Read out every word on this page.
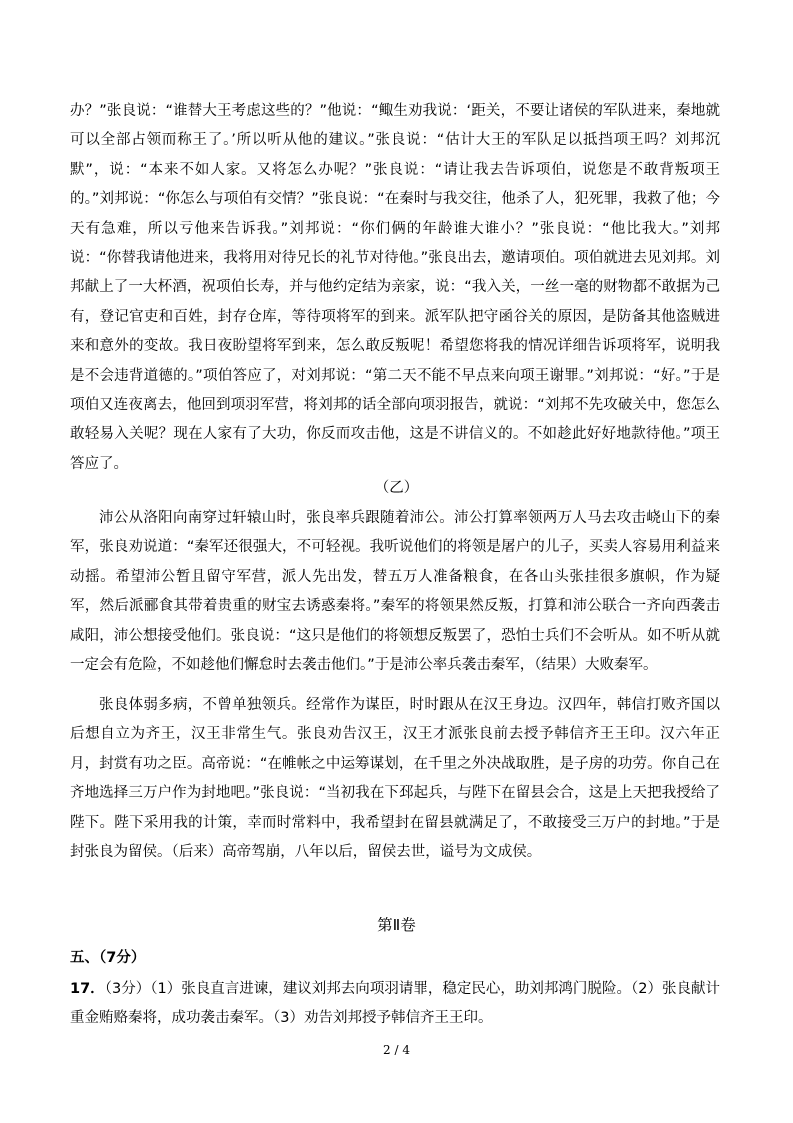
办？”张良说：“谁替大王考虑这些的？”他说：“鲰生劝我说：‘距关，不要让诸侯的军队进来，秦地就可以全部占领而称王了。’所以听从他的建议。”张良说：“估计大王的军队足以抵挡项王吗？刘邦沉默”，说：“本来不如人家。又将怎么办呢？”张良说：“请让我去告诉项伯，说您是不敢背叛项王的。”刘邦说：“你怎么与项伯有交情？”张良说：“在秦时与我交往，他杀了人，犯死罪，我救了他；今天有急难，所以亏他来告诉我。”刘邦说：“你们俩的年龄谁大谁小？”张良说：“他比我大。”刘邦说：“你替我请他进来，我将用对待兄长的礼节对待他。”张良出去，邀请项伯。项伯就进去见刘邦。刘邦献上了一大杯酒，祝项伯长寿，并与他约定结为亲家，说：“我入关，一丝一毫的财物都不敢据为己有，登记官吏和百姓，封存仓库，等待项将军的到来。派军队把守函谷关的原因，是防备其他盗贼进来和意外的变故。我日夜盼望将军到来，怎么敢反叛呢！希望您将我的情况详细告诉项将军，说明我是不会违背道德的。”项伯答应了，对刘邦说：“第二天不能不早点来向项王谢罪。”刘邦说：“好。”于是项伯又连夜离去，他回到项羽军营，将刘邦的话全部向项羽报告，就说：“刘邦不先攻破关中，您怎么敢轻易入关呢？现在人家有了大功，你反而攻击他，这是不讲信义的。不如趁此好好地款待他。”项王答应了。

（乙）

沛公从洛阳向南穿过轩辕山时，张良率兵跟随着沛公。沛公打算率领两万人马去攻击峣山下的秦军，张良劝说道：“秦军还很强大，不可轻视。我听说他们的将领是屠户的儿子，买卖人容易用利益来动摇。希望沛公暂且留守军营，派人先出发，替五万人准备粮食，在各山头张挂很多旗帜，作为疑军，然后派郦食其带着贵重的财宝去诱惑秦将。”秦军的将领果然反叛，打算和沛公联合一齐向西袭击咸阳，沛公想接受他们。张良说：“这只是他们的将领想反叛罢了，恐怕士兵们不会听从。如不听从就一定会有危险，不如趁他们懈怠时去袭击他们。”于是沛公率兵袭击秦军，（结果）大败秦军。

张良体弱多病，不曾单独领兵。经常作为谋臣，时时跟从在汉王身边。汉四年，韩信打败齐国以后想自立为齐王，汉王非常生气。张良劝告汉王，汉王才派张良前去授予韩信齐王王印。汉六年正月，封赏有功之臣。高帝说：“在帷帐之中运筹谋划，在千里之外决战取胜，是子房的功劳。你自己在齐地选择三万户作为封地吧。”张良说：“当初我在下邳起兵，与陛下在留县会合，这是上天把我授给了陛下。陛下采用我的计策，幸而时常料中，我希望封在留县就满足了，不敢接受三万户的封地。”于是封张良为留侯。（后来）高帝驾崩，八年以后，留侯去世，谥号为文成侯。

第Ⅱ卷

五、（7分）

17．（3分）（1）张良直言进谏，建议刘邦去向项羽请罪，稳定民心，助刘邦鸿门脱险。（2）张良献计重金贿赂秦将，成功袭击秦军。（3）劝告刘邦授予韩信齐王王印。

2 / 4
